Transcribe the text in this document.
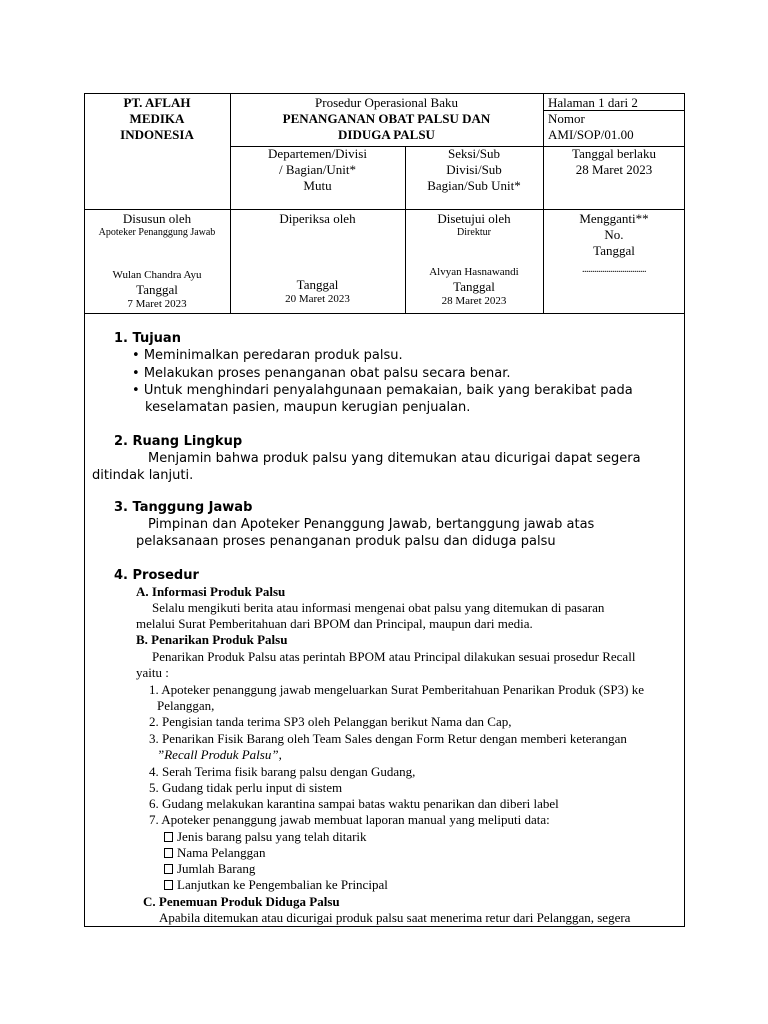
PT. AFLAH
MEDIKA
INDONESIA
Prosedur Operasional Baku
PENANGANAN OBAT PALSU DAN
DIDUGA PALSU
Halaman 1 dari 2
Nomor
AMI/SOP/01.00
Departemen/Divisi
/ Bagian/Unit*
Mutu
Seksi/Sub
Divisi/Sub
Bagian/Sub Unit*
Tanggal berlaku
28 Maret 2023
Disusun oleh
Apoteker Penanggung Jawab
Wulan Chandra Ayu
Tanggal
7 Maret 2023
Diperiksa oleh
Tanggal
20 Maret 2023
Disetujui oleh
Direktur
Alvyan Hasnawandi
Tanggal
28 Maret 2023
Mengganti**
No.
Tanggal
................................
1. Tujuan
• Meminimalkan peredaran produk palsu.
• Melakukan proses penanganan obat palsu secara benar.
• Untuk menghindari penyalahgunaan pemakaian, baik yang berakibat pada
keselamatan pasien, maupun kerugian penjualan.
2. Ruang Lingkup
Menjamin bahwa produk palsu yang ditemukan atau dicurigai dapat segera
ditindak lanjuti.
3. Tanggung Jawab
Pimpinan dan Apoteker Penanggung Jawab, bertanggung jawab atas
pelaksanaan proses penanganan produk palsu dan diduga palsu
4. Prosedur
A. Informasi Produk Palsu
Selalu mengikuti berita atau informasi mengenai obat palsu yang ditemukan di pasaran
melalui Surat Pemberitahuan dari BPOM dan Principal, maupun dari media.
B. Penarikan Produk Palsu
Penarikan Produk Palsu atas perintah BPOM atau Principal dilakukan sesuai prosedur Recall
yaitu :
1. Apoteker penanggung jawab mengeluarkan Surat Pemberitahuan Penarikan Produk (SP3) ke
Pelanggan,
2. Pengisian tanda terima SP3 oleh Pelanggan berikut Nama dan Cap,
3. Penarikan Fisik Barang oleh Team Sales dengan Form Retur dengan memberi keterangan
”Recall Produk Palsu”,
4. Serah Terima fisik barang palsu dengan Gudang,
5. Gudang tidak perlu input di sistem
6. Gudang melakukan karantina sampai batas waktu penarikan dan diberi label
7. Apoteker penanggung jawab membuat laporan manual yang meliputi data:
Jenis barang palsu yang telah ditarik
Nama Pelanggan
Jumlah Barang
Lanjutkan ke Pengembalian ke Principal
C. Penemuan Produk Diduga Palsu
Apabila ditemukan atau dicurigai produk palsu saat menerima retur dari Pelanggan, segera
